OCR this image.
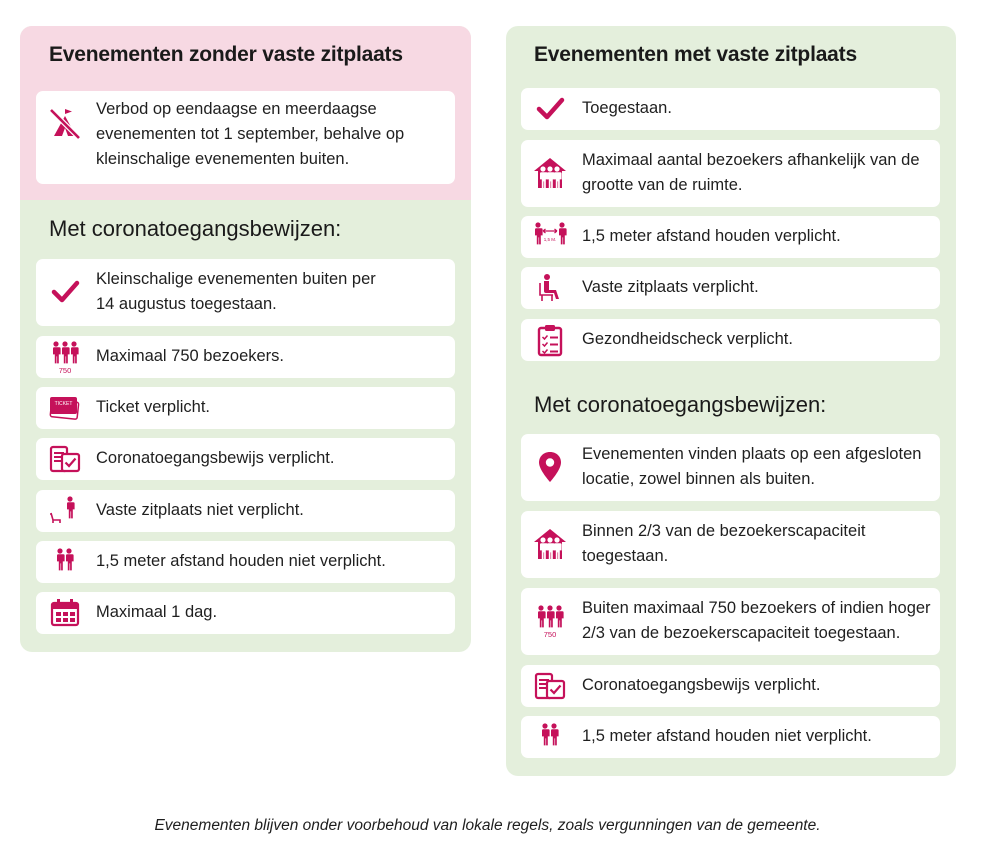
Evenementen zonder vaste zitplaats
Verbod op eendaagse en meerdaagse evenementen tot 1 september, behalve op kleinschalige evenementen buiten.
Met coronatoegangsbewijzen:
Kleinschalige evenementen buiten per 14 augustus toegestaan.
750
Maximaal 750 bezoekers.
TICKET Ticket verplicht.
Coronatoegangsbewijs verplicht.
Vaste zitplaats niet verplicht.
1,5 meter afstand houden niet verplicht.
Maximaal 1 dag.
Evenementen met vaste zitplaats
Toegestaan.
Maximaal aantal bezoekers afhankelijk van de grootte van de ruimte.
1,5 M. 1,5 meter afstand houden verplicht.
Vaste zitplaats verplicht.
Gezondheidscheck verplicht.
Met coronatoegangsbewijzen:
Evenementen vinden plaats op een afgesloten locatie, zowel binnen als buiten.
Binnen 2/3 van de bezoekerscapaciteit toegestaan.
750
Buiten maximaal 750 bezoekers of indien hoger 2/3 van de bezoekerscapaciteit toegestaan.
Coronatoegangsbewijs verplicht.
1,5 meter afstand houden niet verplicht.
Evenementen blijven onder voorbehoud van lokale regels, zoals vergunningen van de gemeente.
